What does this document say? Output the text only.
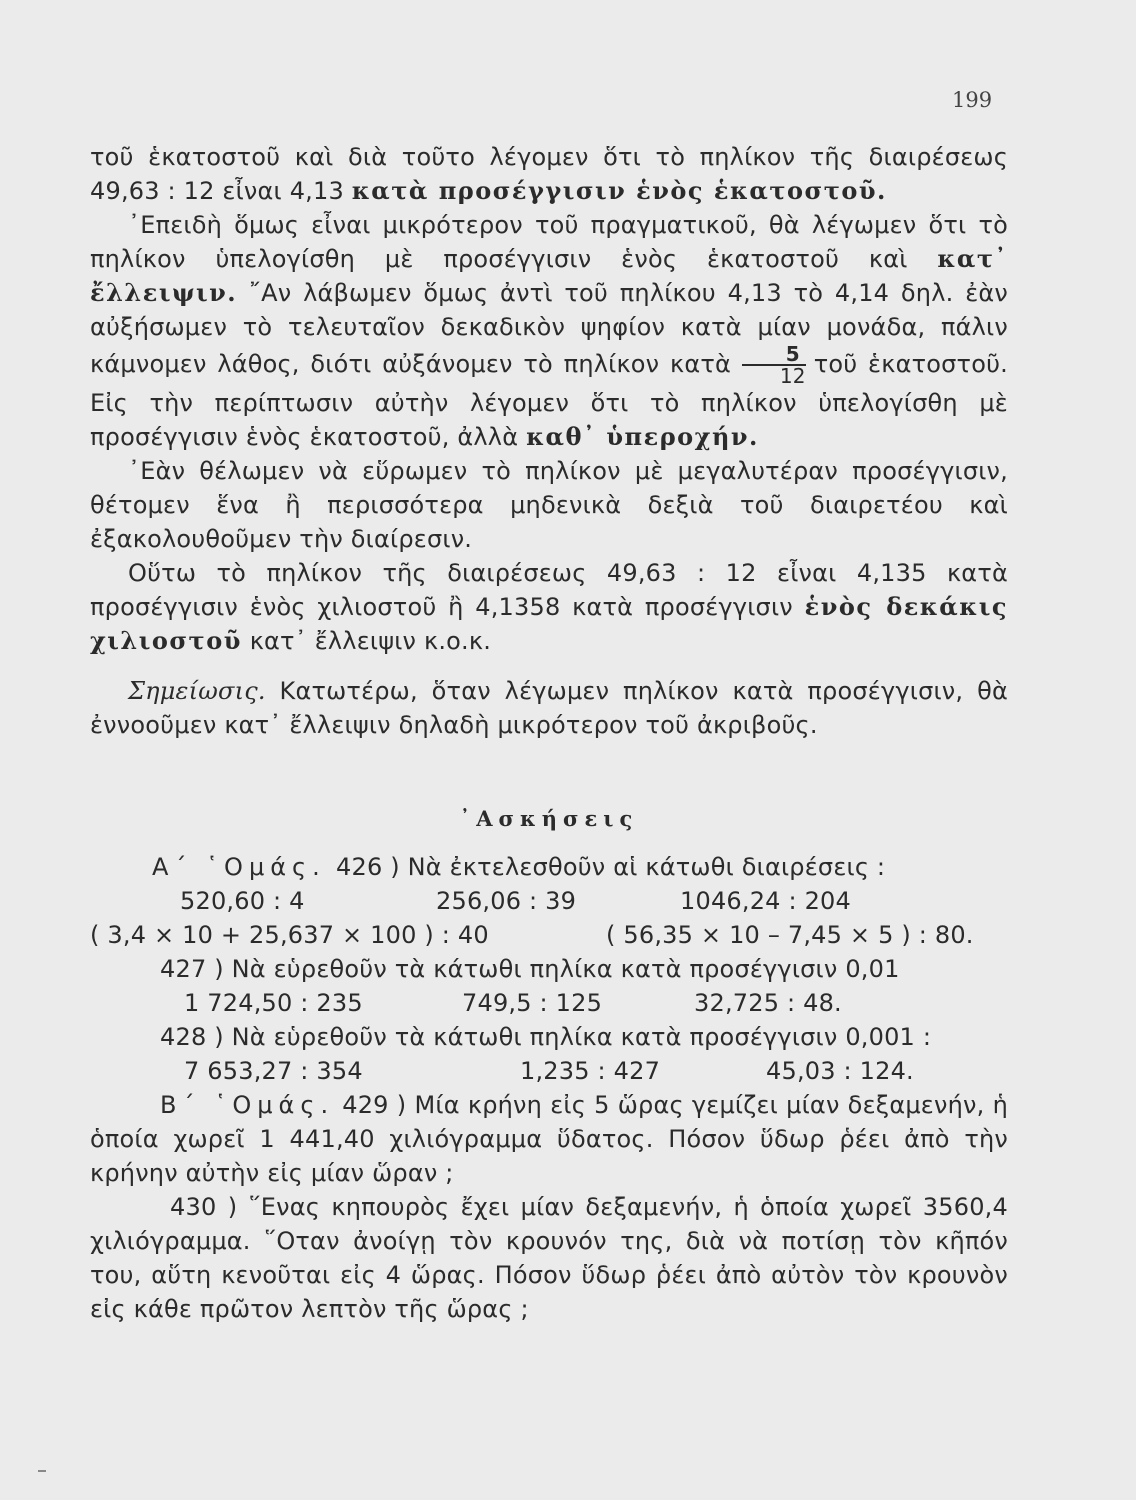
199

τοῦ ἑκατοστοῦ καὶ διὰ τοῦτο λέγομεν ὅτι τὸ πηλίκον τῆς διαιρέσεως 49,63 : 12 εἶναι 4,13 κατὰ προσέγγισιν ἑνὸς ἑκατοστοῦ.

᾿Επειδὴ ὅμως εἶναι μικρότερον τοῦ πραγματικοῦ, θὰ λέγωμεν ὅτι τὸ πηλίκον ὑπελογίσθη μὲ προσέγγισιν ἑνὸς ἑκατοστοῦ καὶ κατ᾿ ἔλλειψιν. ῎Αν λάβωμεν ὅμως ἀντὶ τοῦ πηλίκου 4,13 τὸ 4,14 δηλ. ἐὰν αὐξήσωμεν τὸ τελευταῖον δεκαδικὸν ψηφίον κατὰ μίαν μονάδα, πάλιν κάμνομεν λάθος, διότι αὐξάνομεν τὸ πηλίκον κατὰ $\frac{5}{12}$ τοῦ ἑκατοστοῦ. Εἰς τὴν περίπτωσιν αὐτὴν λέγομεν ὅτι τὸ πηλίκον ὑπελογίσθη μὲ προσέγγισιν ἑνὸς ἑκατοστοῦ, ἀλλὰ καθ᾿ ὑπεροχήν.

᾿Εὰν θέλωμεν νὰ εὕρωμεν τὸ πηλίκον μὲ μεγαλυτέραν προσέγγισιν, θέτομεν ἕνα ἢ περισσότερα μηδενικὰ δεξιὰ τοῦ διαιρετέου καὶ ἐξακολουθοῦμεν τὴν διαίρεσιν.

Οὕτω τὸ πηλίκον τῆς διαιρέσεως 49,63 : 12 εἶναι 4,135 κατὰ προσέγγισιν ἑνὸς χιλιοστοῦ ἢ 4,1358 κατὰ προσέγγισιν ἑνὸς δεκάκις χιλιοστοῦ κατ᾿ ἔλλειψιν κ.ο.κ.

Σημείωσις. Κατωτέρω, ὅταν λέγωμεν πηλίκον κατὰ προσέγγισιν, θὰ ἐννοοῦμεν κατ᾿ ἔλλειψιν δηλαδὴ μικρότερον τοῦ ἀκριβοῦς.

᾿Ασκήσεις
Α΄ ῾Ομάς. 426 ) Νὰ ἐκτελεσθοῦν αἱ κάτωθι διαιρέσεις :
520,60 : 4	256,06 : 39	1046,24 : 204
( 3,4 × 10 + 25,637 × 100 ) : 40	( 56,35 × 10 – 7,45 × 5 ) : 80.
427 ) Νὰ εὑρεθοῦν τὰ κάτωθι πηλίκα κατὰ προσέγγισιν 0,01
1 724,50 : 235	749,5 : 125	32,725 : 48.
428 ) Νὰ εὑρεθοῦν τὰ κάτωθι πηλίκα κατὰ προσέγγισιν 0,001 :
7 653,27 : 354	1,235 : 427	45,03 : 124.

Β΄ ῾Ομάς. 429 ) Μία κρήνη εἰς 5 ὥρας γεμίζει μίαν δεξαμενήν, ἡ ὁποία χωρεῖ 1 441,40 χιλιόγραμμα ὕδατος. Πόσον ὕδωρ ῥέει ἀπὸ τὴν κρήνην αὐτὴν εἰς μίαν ὥραν ;

430 ) ῞Ενας κηπουρὸς ἔχει μίαν δεξαμενήν, ἡ ὁποία χωρεῖ 3560,4 χιλιόγραμμα. ῞Οταν ἀνοίγῃ τὸν κρουνόν της, διὰ νὰ ποτίσῃ τὸν κῆπόν του, αὕτη κενοῦται εἰς 4 ὥρας. Πόσον ὕδωρ ῥέει ἀπὸ αὐτὸν τὸν κρουνὸν εἰς κάθε πρῶτον λεπτὸν τῆς ὥρας ;
